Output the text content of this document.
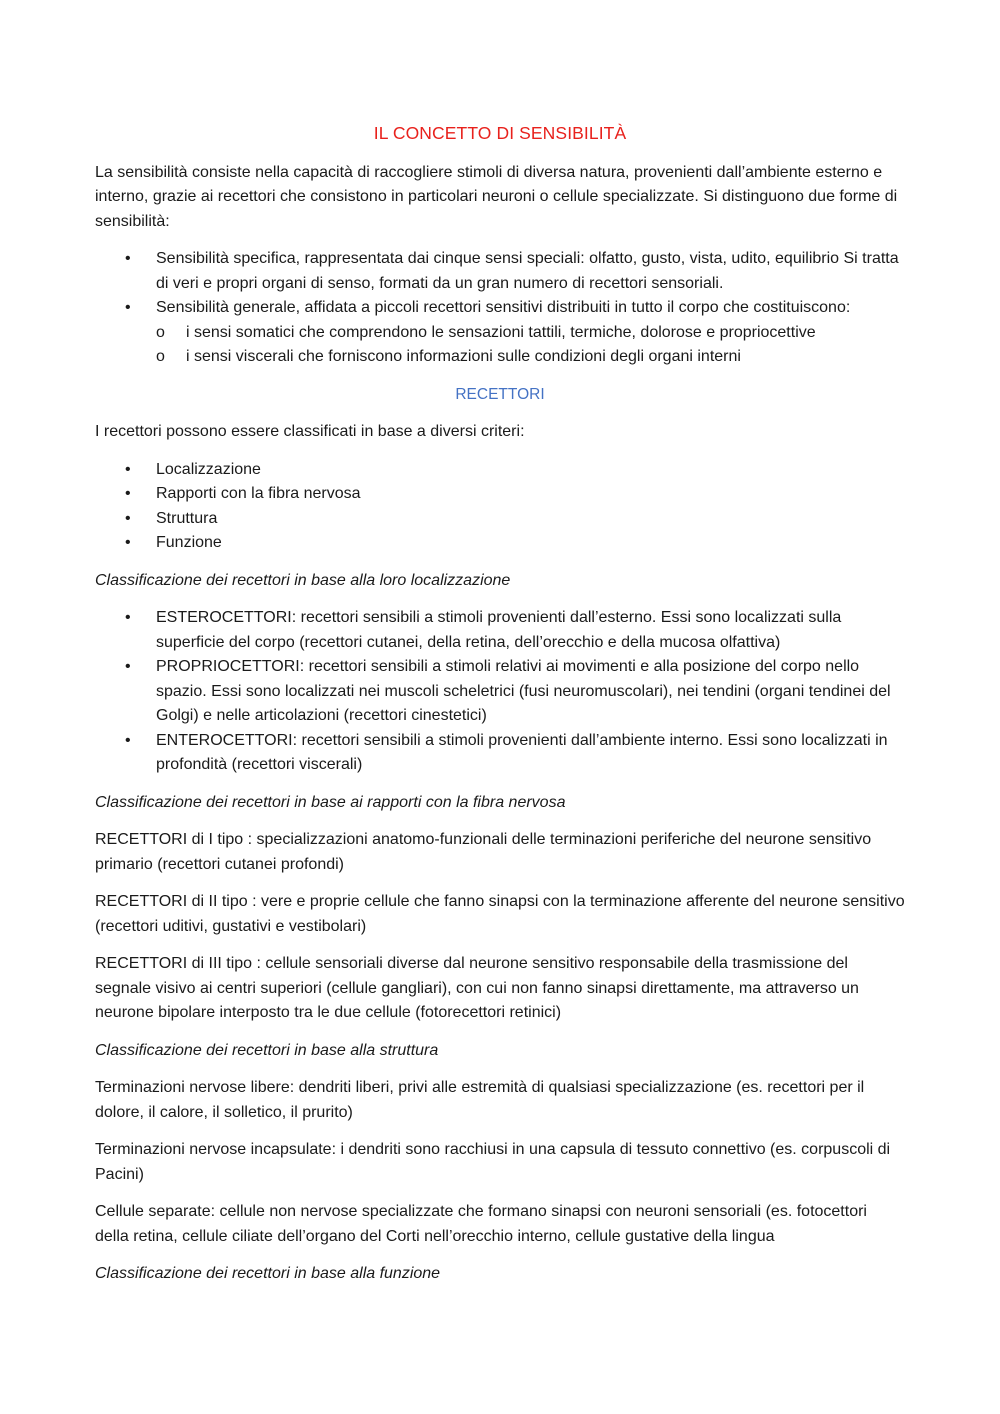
IL CONCETTO DI SENSIBILITÀ

La sensibilità consiste nella capacità di raccogliere stimoli di diversa natura, provenienti dall’ambiente esterno e interno, grazie ai recettori che consistono in particolari neuroni o cellule specializzate. Si distinguono due forme di sensibilità:

• Sensibilità specifica, rappresentata dai cinque sensi speciali: olfatto, gusto, vista, udito, equilibrio Si tratta di veri e propri organi di senso, formati da un gran numero di recettori sensoriali.
• Sensibilità generale, affidata a piccoli recettori sensitivi distribuiti in tutto il corpo che costituiscono:
o i sensi somatici che comprendono le sensazioni tattili, termiche, dolorose e propriocettive
o i sensi viscerali che forniscono informazioni sulle condizioni degli organi interni
RECETTORI

I recettori possono essere classificati in base a diversi criteri:

• Localizzazione
• Rapporti con la fibra nervosa
• Struttura
• Funzione

Classificazione dei recettori in base alla loro localizzazione

• ESTEROCETTORI: recettori sensibili a stimoli provenienti dall’esterno. Essi sono localizzati sulla superficie del corpo (recettori cutanei, della retina, dell’orecchio e della mucosa olfattiva)
• PROPRIOCETTORI: recettori sensibili a stimoli relativi ai movimenti e alla posizione del corpo nello spazio. Essi sono localizzati nei muscoli scheletrici (fusi neuromuscolari), nei tendini (organi tendinei del Golgi) e nelle articolazioni (recettori cinestetici)
• ENTEROCETTORI: recettori sensibili a stimoli provenienti dall’ambiente interno. Essi sono localizzati in profondità (recettori viscerali)

Classificazione dei recettori in base ai rapporti con la fibra nervosa

RECETTORI di I tipo : specializzazioni anatomo-funzionali delle terminazioni periferiche del neurone sensitivo primario (recettori cutanei profondi)

RECETTORI di II tipo : vere e proprie cellule che fanno sinapsi con la terminazione afferente del neurone sensitivo (recettori uditivi, gustativi e vestibolari)

RECETTORI di III tipo : cellule sensoriali diverse dal neurone sensitivo responsabile della trasmissione del segnale visivo ai centri superiori (cellule gangliari), con cui non fanno sinapsi direttamente, ma attraverso un neurone bipolare interposto tra le due cellule (fotorecettori retinici)

Classificazione dei recettori in base alla struttura

Terminazioni nervose libere: dendriti liberi, privi alle estremità di qualsiasi specializzazione (es. recettori per il dolore, il calore, il solletico, il prurito)

Terminazioni nervose incapsulate: i dendriti sono racchiusi in una capsula di tessuto connettivo (es. corpuscoli di Pacini)

Cellule separate: cellule non nervose specializzate che formano sinapsi con neuroni sensoriali (es. fotocettori della retina, cellule ciliate dell’organo del Corti nell’orecchio interno, cellule gustative della lingua

Classificazione dei recettori in base alla funzione
